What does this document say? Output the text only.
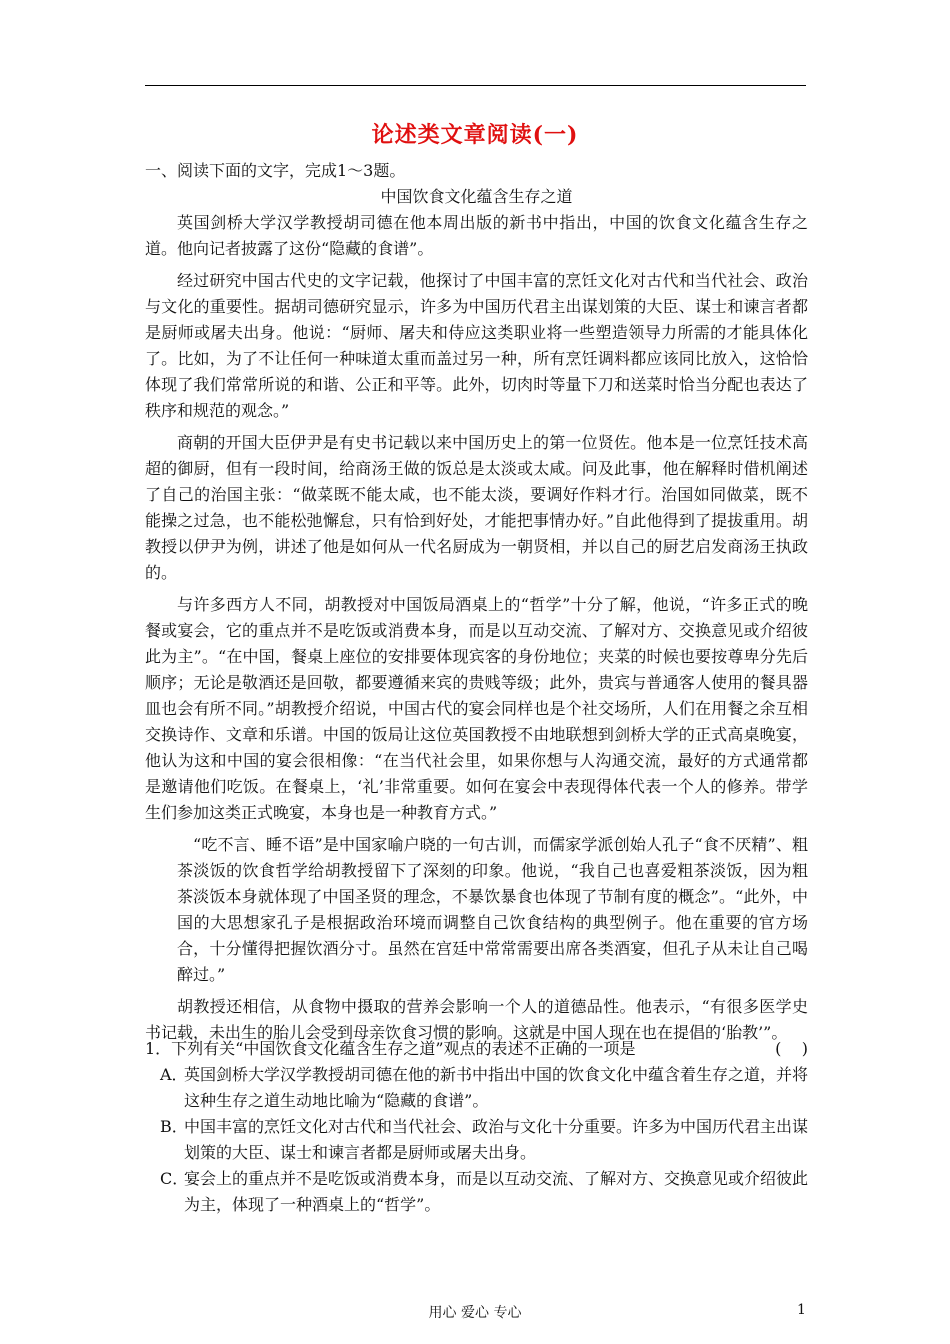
论述类文章阅读(一)
一、阅读下面的文字，完成1～3题。

中国饮食文化蕴含生存之道

英国剑桥大学汉学教授胡司德在他本周出版的新书中指出，中国的饮食文化蕴含生存之道。他向记者披露了这份“隐藏的食谱”。

经过研究中国古代史的文字记载，他探讨了中国丰富的烹饪文化对古代和当代社会、政治与文化的重要性。据胡司德研究显示，许多为中国历代君主出谋划策的大臣、谋士和谏言者都是厨师或屠夫出身。他说：“厨师、屠夫和侍应这类职业将一些塑造领导力所需的才能具体化了。比如，为了不让任何一种味道太重而盖过另一种，所有烹饪调料都应该同比放入，这恰恰体现了我们常常所说的和谐、公正和平等。此外，切肉时等量下刀和送菜时恰当分配也表达了秩序和规范的观念。”

商朝的开国大臣伊尹是有史书记载以来中国历史上的第一位贤佐。他本是一位烹饪技术高超的御厨，但有一段时间，给商汤王做的饭总是太淡或太咸。问及此事，他在解释时借机阐述了自己的治国主张：“做菜既不能太咸，也不能太淡，要调好作料才行。治国如同做菜，既不能操之过急，也不能松弛懈怠，只有恰到好处，才能把事情办好。”自此他得到了提拔重用。胡教授以伊尹为例，讲述了他是如何从一代名厨成为一朝贤相，并以自己的厨艺启发商汤王执政的。

与许多西方人不同，胡教授对中国饭局酒桌上的“哲学”十分了解，他说，“许多正式的晚餐或宴会，它的重点并不是吃饭或消费本身，而是以互动交流、了解对方、交换意见或介绍彼此为主”。“在中国，餐桌上座位的安排要体现宾客的身份地位；夹菜的时候也要按尊卑分先后顺序；无论是敬酒还是回敬，都要遵循来宾的贵贱等级；此外，贵宾与普通客人使用的餐具器皿也会有所不同。”胡教授介绍说，中国古代的宴会同样也是个社交场所，人们在用餐之余互相交换诗作、文章和乐谱。中国的饭局让这位英国教授不由地联想到剑桥大学的正式高桌晚宴，他认为这和中国的宴会很相像：“在当代社会里，如果你想与人沟通交流，最好的方式通常都是邀请他们吃饭。在餐桌上，‘礼’非常重要。如何在宴会中表现得体代表一个人的修养。带学生们参加这类正式晚宴，本身也是一种教育方式。”

“吃不言、睡不语”是中国家喻户晓的一句古训，而儒家学派创始人孔子“食不厌精”、粗茶淡饭的饮食哲学给胡教授留下了深刻的印象。他说，“我自己也喜爱粗茶淡饭，因为粗茶淡饭本身就体现了中国圣贤的理念，不暴饮暴食也体现了节制有度的概念”。“此外，中国的大思想家孔子是根据政治环境而调整自己饮食结构的典型例子。他在重要的官方场合，十分懂得把握饮酒分寸。虽然在宫廷中常常需要出席各类酒宴，但孔子从未让自己喝醉过。”

胡教授还相信，从食物中摄取的营养会影响一个人的道德品性。他表示，“有很多医学史书记载，未出生的胎儿会受到母亲饮食习惯的影响。这就是中国人现在也在提倡的‘胎教’”。

1．下列有关“中国饮食文化蕴含生存之道”观点的表述不正确的一项是	(    )
A．
英国剑桥大学汉学教授胡司德在他的新书中指出中国的饮食文化中蕴含着生存之道，并将这种生存之道生动地比喻为“隐藏的食谱”。
B．
中国丰富的烹饪文化对古代和当代社会、政治与文化十分重要。许多为中国历代君主出谋划策的大臣、谋士和谏言者都是厨师或屠夫出身。
C．
宴会上的重点并不是吃饭或消费本身，而是以互动交流、了解对方、交换意见或介绍彼此为主，体现了一种酒桌上的“哲学”。
用心 爱心 专心	1
